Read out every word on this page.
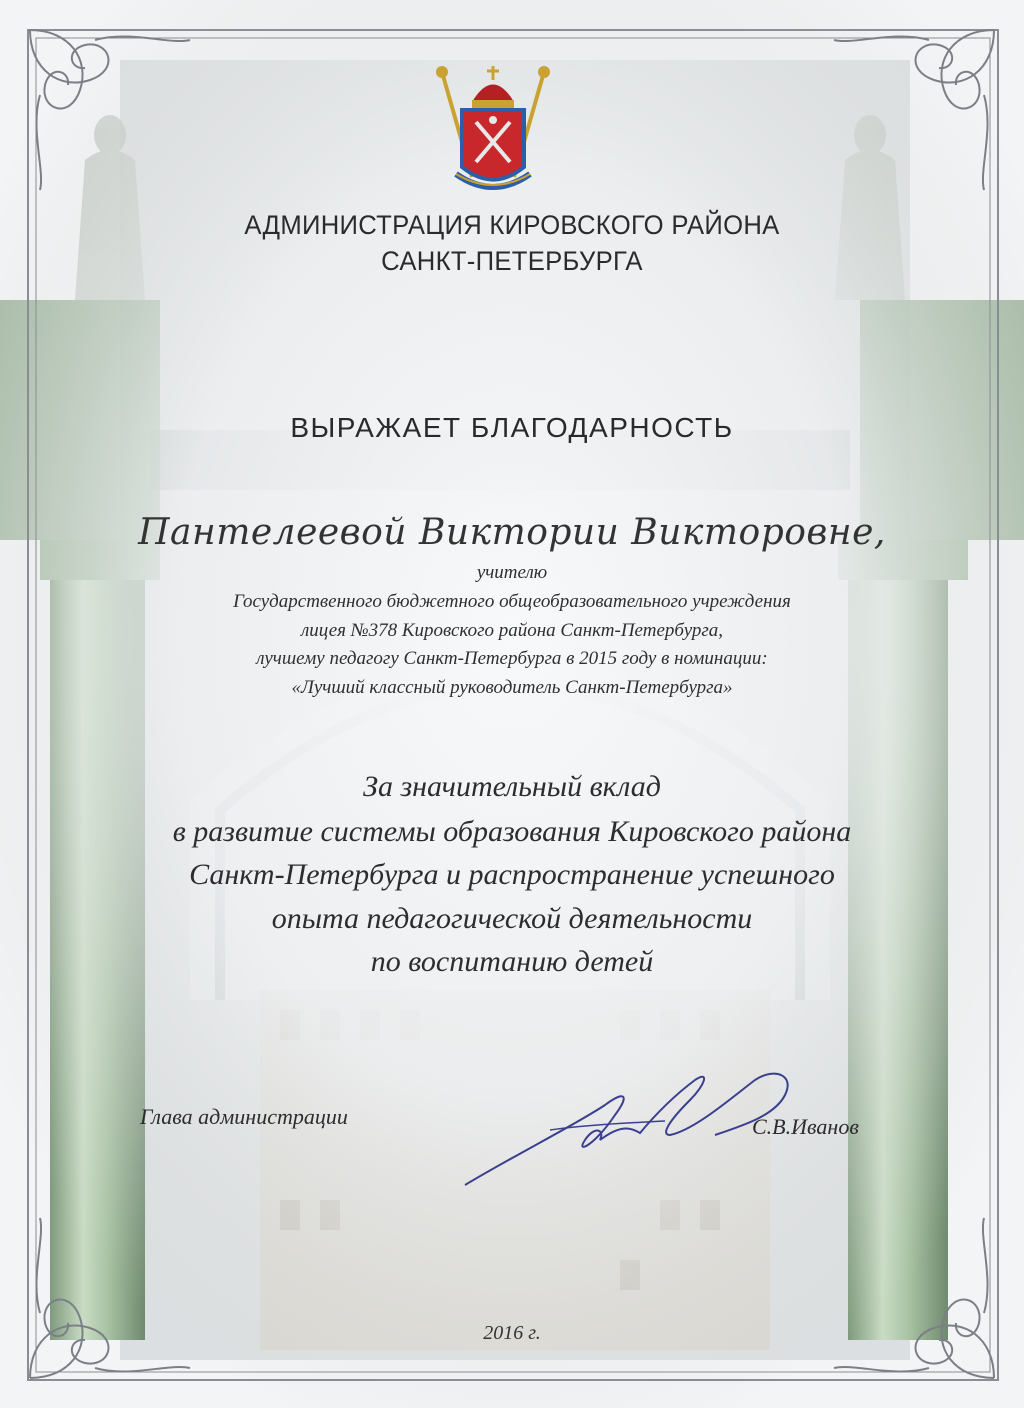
АДМИНИСТРАЦИЯ КИРОВСКОГО РАЙОНА
САНКТ-ПЕТЕРБУРГА
ВЫРАЖАЕТ БЛАГОДАРНОСТЬ
Пантелеевой Виктории Викторовне,
учителю
Государственного бюджетного общеобразовательного учреждения
лицея №378 Кировского района Санкт-Петербурга,
лучшему педагогу Санкт-Петербурга в 2015 году в номинации:
«Лучший классный руководитель Санкт-Петербурга»
За значительный вклад
в развитие системы образования Кировского района
Санкт-Петербурга и распространение успешного
опыта педагогической деятельности
по воспитанию детей
Глава администрации	С.В.Иванов
2016 г.
